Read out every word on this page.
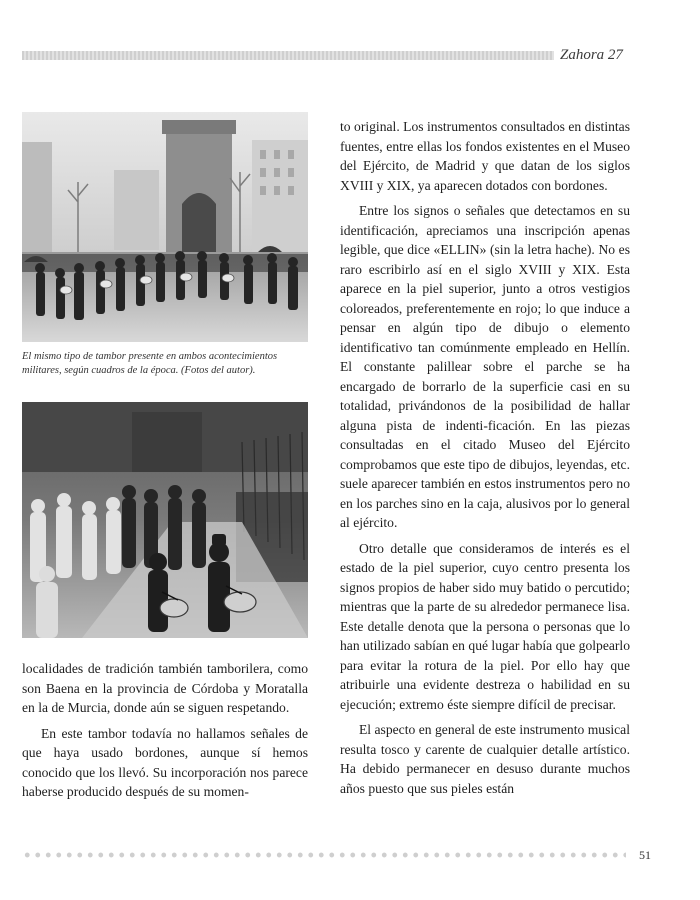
Zahora 27

El mismo tipo de tambor presente en ambos acontecimientos militares, según cuadros de la época. (Fotos del autor).

localidades de tradición también tamborilera, como son Baena en la provincia de Córdoba y Moratalla en la de Murcia, donde aún se siguen respetando.

En este tambor todavía no hallamos señales de que haya usado bordones, aunque sí hemos conocido que los llevó. Su incorporación nos parece haberse producido después de su momen-

to original. Los instrumentos consultados en distintas fuentes, entre ellas los fondos existentes en el Museo del Ejército, de Madrid y que datan de los siglos XVIII y XIX, ya aparecen dotados con bordones.

Entre los signos o señales que detectamos en su identificación, apreciamos una inscripción apenas legible, que dice «ELLIN» (sin la letra hache). No es raro escribirlo así en el siglo XVIII y XIX. Esta aparece en la piel superior, junto a otros vestigios coloreados, preferentemente en rojo; lo que induce a pensar en algún tipo de dibujo o elemento identificativo tan comúnmente empleado en Hellín. El constante palillear sobre el parche se ha encargado de borrarlo de la superficie casi en su totalidad, privándonos de la posibilidad de hallar alguna pista de indenti-ficación. En las piezas consultadas en el citado Museo del Ejército comprobamos que este tipo de dibujos, leyendas, etc. suele aparecer también en estos instrumentos pero no en los parches sino en la caja, alusivos por lo general al ejército.

Otro detalle que consideramos de interés es el estado de la piel superior, cuyo centro presenta los signos propios de haber sido muy batido o percutido; mientras que la parte de su alrededor permanece lisa. Este detalle denota que la persona o personas que lo han utilizado sabían en qué lugar había que golpearlo para evitar la rotura de la piel. Por ello hay que atribuirle una evidente destreza o habilidad en su ejecución; extremo éste siempre difícil de precisar.

El aspecto en general de este instrumento musical resulta tosco y carente de cualquier detalle artístico. Ha debido permanecer en desuso durante muchos años puesto que sus pieles están

51
